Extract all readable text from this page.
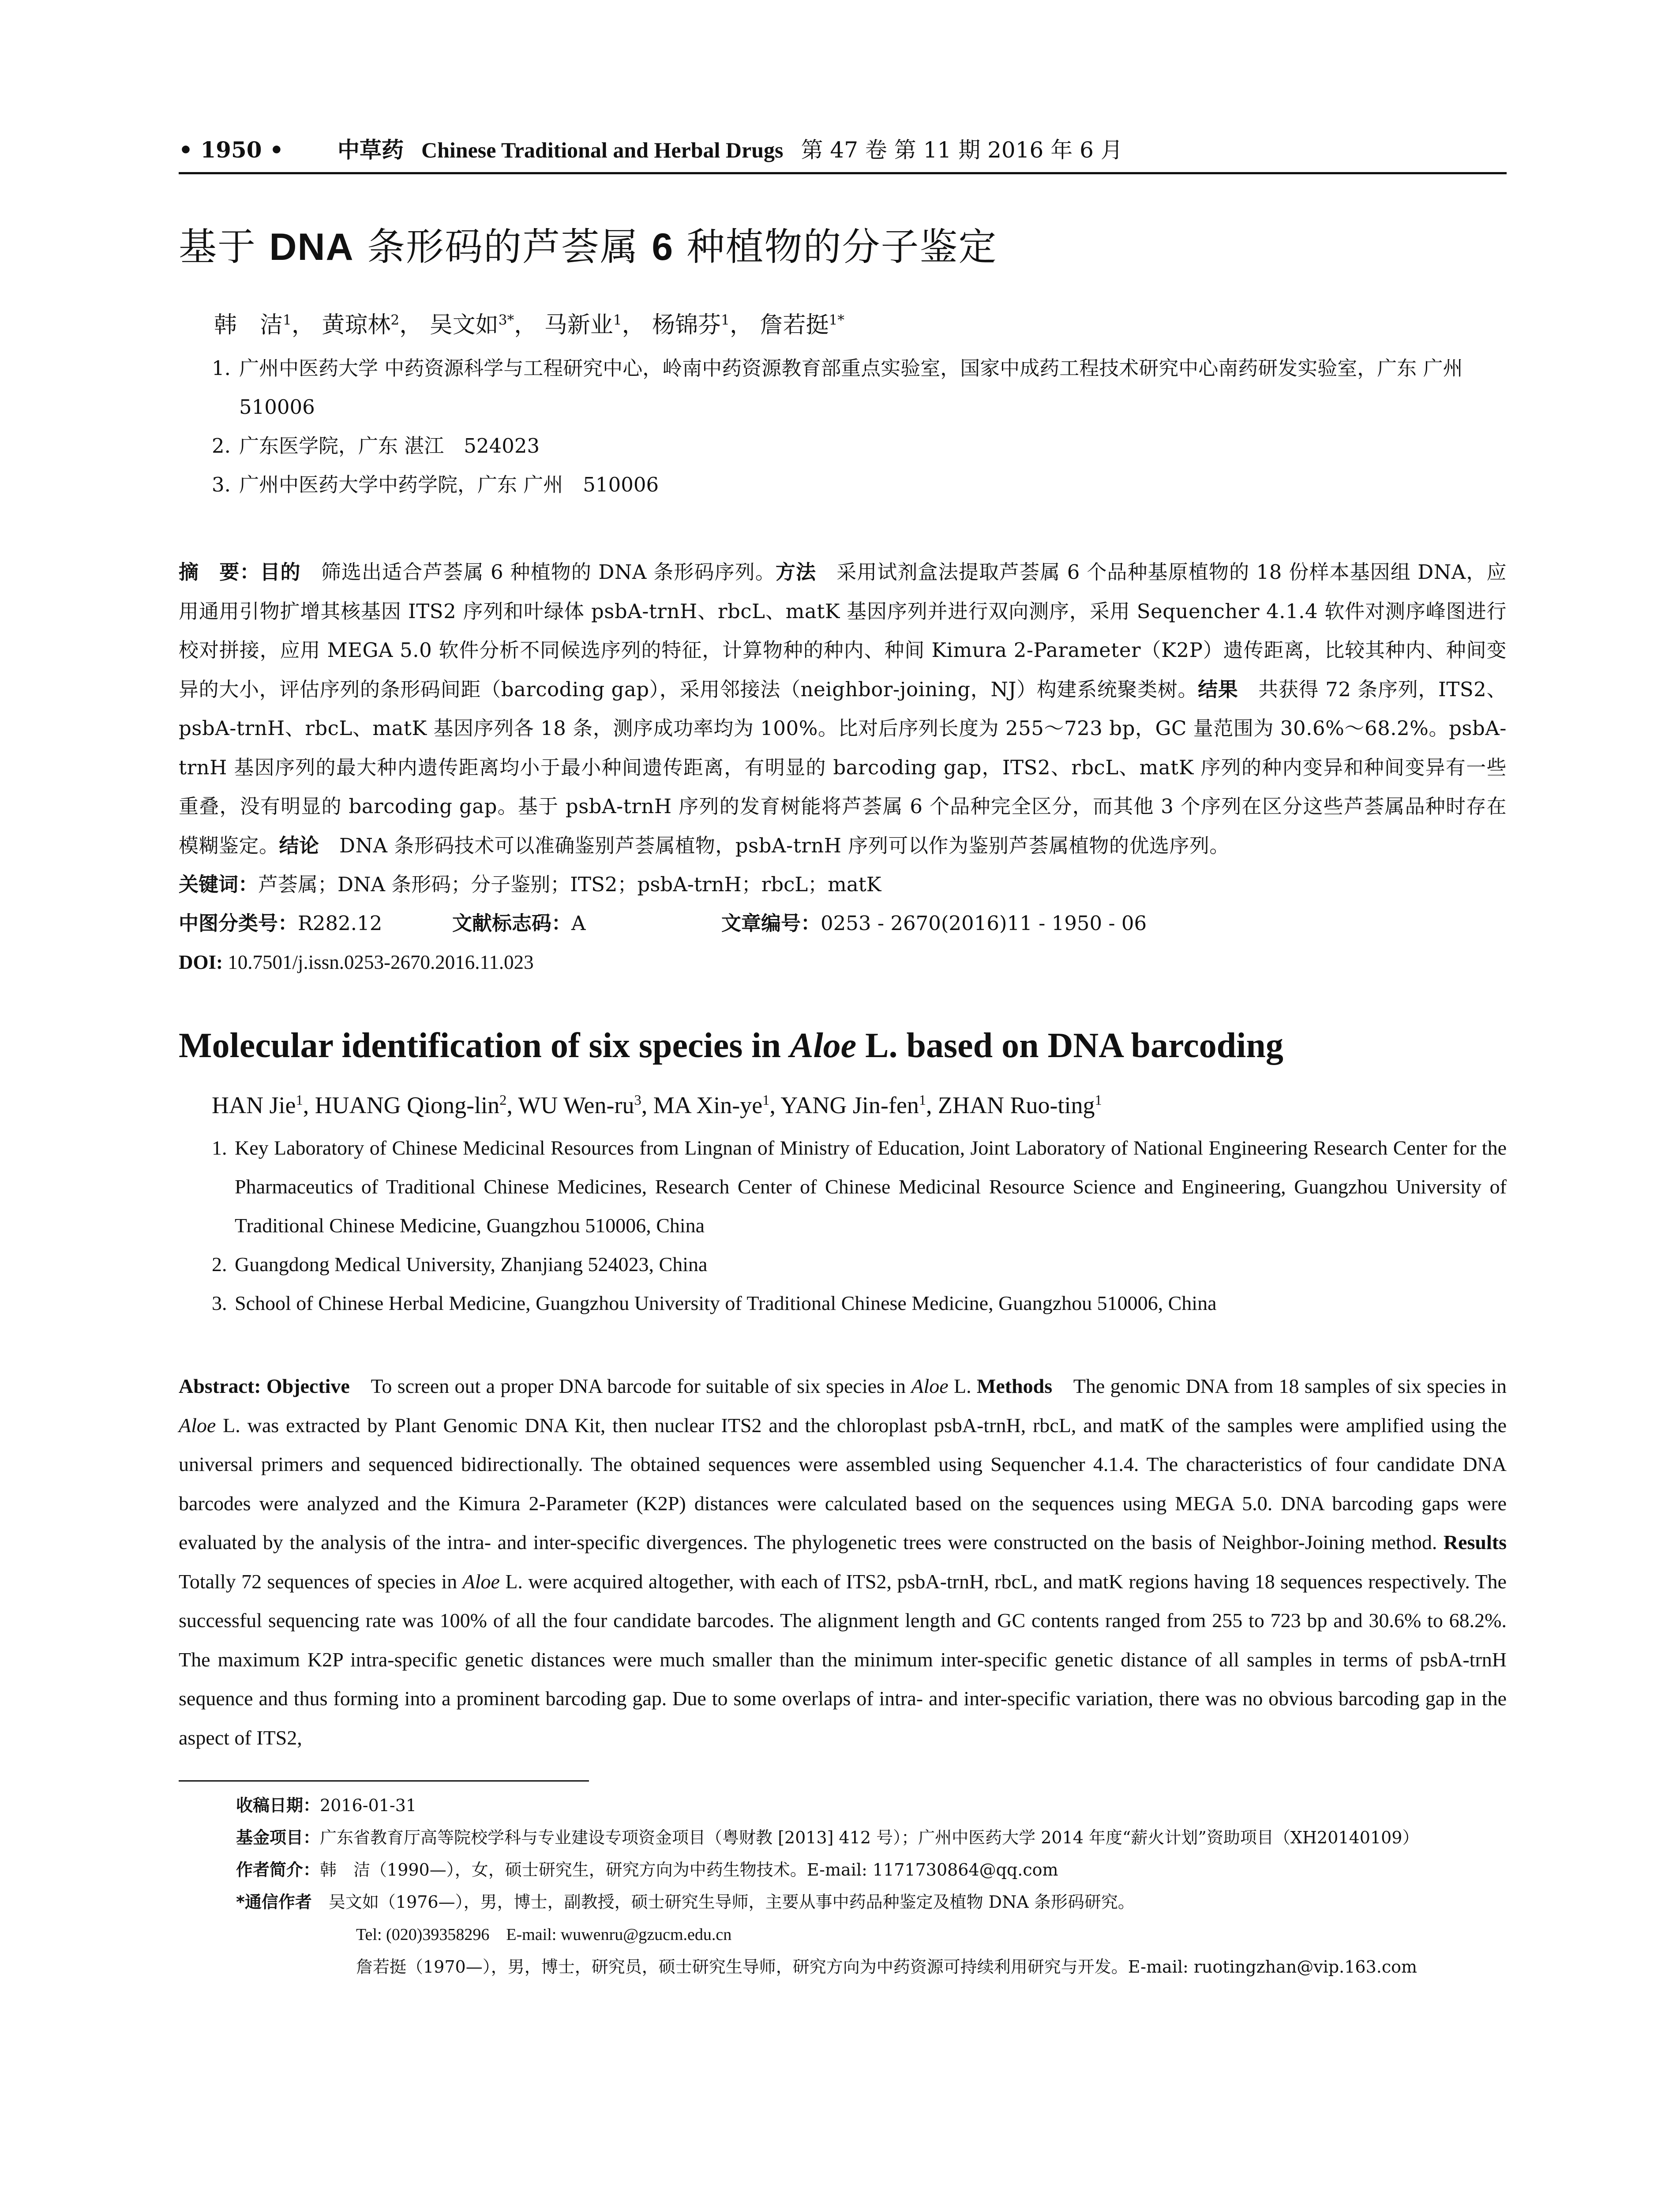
• 1950 •	中草药 Chinese Traditional and Herbal Drugs 第 47 卷 第 11 期 2016 年 6 月
基于 DNA 条形码的芦荟属 6 种植物的分子鉴定
韩　洁$^1$， 黄琼林$^2$， 吴文如$^{3*}$， 马新业$^1$， 杨锦芬$^1$， 詹若挺$^{1*}$
1. 广州中医药大学 中药资源科学与工程研究中心，岭南中药资源教育部重点实验室，国家中成药工程技术研究中心南药研发实验室，广东 广州　510006
2. 广东医学院，广东 湛江　524023
3. 广州中医药大学中药学院，广东 广州　510006
摘　要：目的　筛选出适合芦荟属 6 种植物的 DNA 条形码序列。方法　采用试剂盒法提取芦荟属 6 个品种基原植物的 18 份样本基因组 DNA，应用通用引物扩增其核基因 ITS2 序列和叶绿体 psbA-trnH、rbcL、matK 基因序列并进行双向测序，采用 Sequencher 4.1.4 软件对测序峰图进行校对拼接，应用 MEGA 5.0 软件分析不同候选序列的特征，计算物种的种内、种间 Kimura 2-Parameter（K2P）遗传距离，比较其种内、种间变异的大小，评估序列的条形码间距（barcoding gap），采用邻接法（neighbor-joining，NJ）构建系统聚类树。结果　共获得 72 条序列，ITS2、psbA-trnH、rbcL、matK 基因序列各 18 条，测序成功率均为 100%。比对后序列长度为 255～723 bp，GC 量范围为 30.6%～68.2%。psbA-trnH 基因序列的最大种内遗传距离均小于最小种间遗传距离，有明显的 barcoding gap，ITS2、rbcL、matK 序列的种内变异和种间变异有一些重叠，没有明显的 barcoding gap。基于 psbA-trnH 序列的发育树能将芦荟属 6 个品种完全区分，而其他 3 个序列在区分这些芦荟属品种时存在模糊鉴定。结论　DNA 条形码技术可以准确鉴别芦荟属植物，psbA-trnH 序列可以作为鉴别芦荟属植物的优选序列。
关键词：芦荟属；DNA 条形码；分子鉴别；ITS2；psbA-trnH；rbcL；matK
中图分类号：R282.12	文献标志码：A	文章编号：0253 - 2670(2016)11 - 1950 - 06
DOI: 10.7501/j.issn.0253-2670.2016.11.023
Molecular identification of six species in Aloe L. based on DNA barcoding
HAN Jie$^1$, HUANG Qiong-lin$^2$, WU Wen-$ru^3$, MA Xin-$ye^1$, YANG Jin-fen$^1$, ZHAN Ruo-ting$^1$
1. Key Laboratory of Chinese Medicinal Resources from Lingnan of Ministry of Education, Joint Laboratory of National Engineering Research Center for the Pharmaceutics of Traditional Chinese Medicines, Research Center of Chinese Medicinal Resource Science and Engineering, Guangzhou University of Traditional Chinese Medicine, Guangzhou 510006, China
2. Guangdong Medical University, Zhanjiang 524023, China
3. School of Chinese Herbal Medicine, Guangzhou University of Traditional Chinese Medicine, Guangzhou 510006, China
Abstract: Objective　To screen out a proper DNA barcode for suitable of six species in Aloe L. Methods　The genomic DNA from 18 samples of six species in Aloe L. was extracted by Plant Genomic DNA Kit, then nuclear ITS2 and the chloroplast psbA-trnH, rbcL, and matK of the samples were amplified using the universal primers and sequenced bidirectionally. The obtained sequences were assembled using Sequencher 4.1.4. The characteristics of four candidate DNA barcodes were analyzed and the Kimura 2-Parameter (K2P) distances were calculated based on the sequences using MEGA 5.0. DNA barcoding gaps were evaluated by the analysis of the intra- and inter-specific divergences. The phylogenetic trees were constructed on the basis of Neighbor-Joining method. Results Totally 72 sequences of species in Aloe L. were acquired altogether, with each of ITS2, psbA-trnH, rbcL, and matK regions having 18 sequences respectively. The successful sequencing rate was 100% of all the four candidate barcodes. The alignment length and GC contents ranged from 255 to 723 bp and 30.6% to 68.2%. The maximum K2P intra-specific genetic distances were much smaller than the minimum inter-specific genetic distance of all samples in terms of psbA-trnH sequence and thus forming into a prominent barcoding gap. Due to some overlaps of intra- and inter-specific variation, there was no obvious barcoding gap in the aspect of ITS2,
收稿日期：2016-01-31
基金项目：广东省教育厅高等院校学科与专业建设专项资金项目（粤财教 [2013] 412 号）；广州中医药大学 2014 年度“薪火计划”资助项目（XH20140109）
作者简介：韩　洁（1990—），女，硕士研究生，研究方向为中药生物技术。E-mail: 1171730864@qq.com
*通信作者　 吴文如（1976—），男，博士，副教授，硕士研究生导师，主要从事中药品种鉴定及植物 DNA 条形码研究。
Tel: (020)39358296　E-mail: wuwenru@gzucm.edu.cn
詹若挺（1970—），男，博士，研究员，硕士研究生导师，研究方向为中药资源可持续利用研究与开发。E-mail: ruotingzhan@vip.163.com
